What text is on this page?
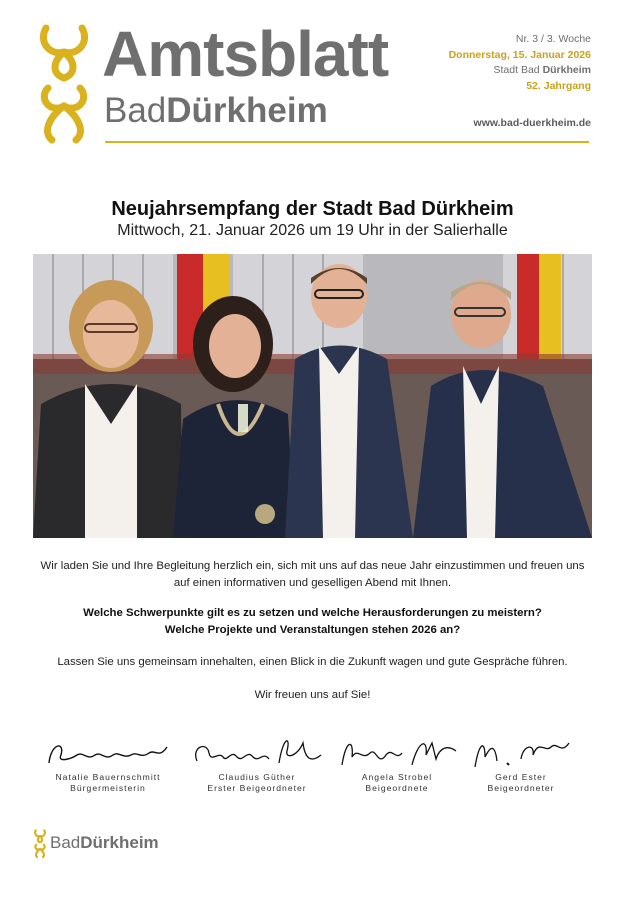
Amtsblatt
BadDürkheim
Nr. 3 / 3. Woche
Donnerstag, 15. Januar 2026
Stadt Bad Dürkheim
52. Jahrgang
www.bad-duerkheim.de
Neujahrsempfang der Stadt Bad Dürkheim
Mittwoch, 21. Januar 2026 um 19 Uhr in der Salierhalle
Wir laden Sie und Ihre Begleitung herzlich ein, sich mit uns auf das neue Jahr einzustimmen und freuen uns auf einen informativen und geselligen Abend mit Ihnen.
Welche Schwerpunkte gilt es zu setzen und welche Herausforderungen zu meistern?
Welche Projekte und Veranstaltungen stehen 2026 an?
Lassen Sie uns gemeinsam innehalten, einen Blick in die Zukunft wagen und gute Gespräche führen.
Wir freuen uns auf Sie!
Natalie Bauernschmitt
Bürgermeisterin
Claudius Güther
Erster Beigeordneter
Angela Strobel
Beigeordnete
Gerd Ester
Beigeordneter
BadDürkheim
